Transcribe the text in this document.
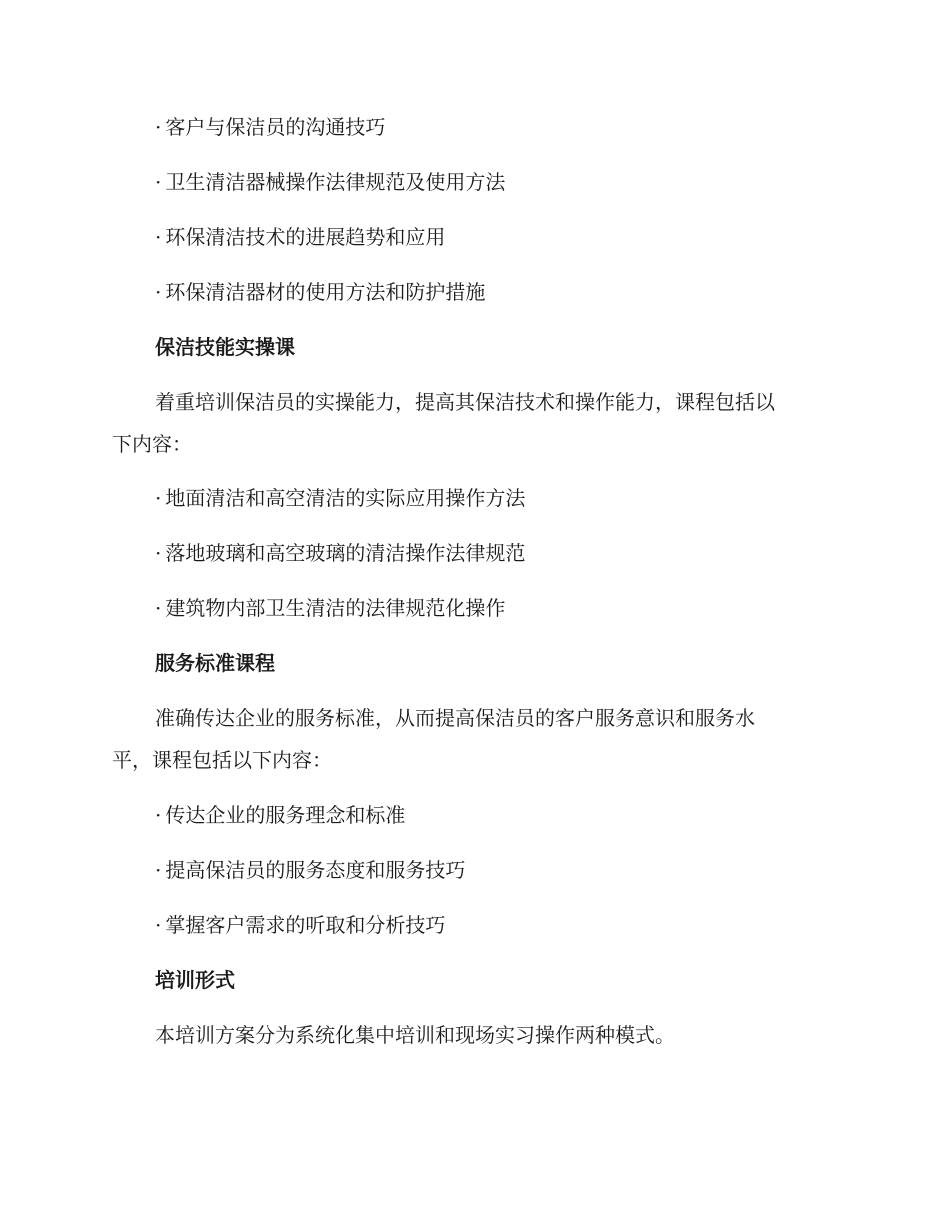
· 客户与保洁员的沟通技巧
· 卫生清洁器械操作法律规范及使用方法
· 环保清洁技术的进展趋势和应用
· 环保清洁器材的使用方法和防护措施
保洁技能实操课
着重培训保洁员的实操能力，提高其保洁技术和操作能力，课程包括以
下内容：
· 地面清洁和高空清洁的实际应用操作方法
· 落地玻璃和高空玻璃的清洁操作法律规范
· 建筑物内部卫生清洁的法律规范化操作
服务标准课程
准确传达企业的服务标准，从而提高保洁员的客户服务意识和服务水
平，课程包括以下内容：
· 传达企业的服务理念和标准
· 提高保洁员的服务态度和服务技巧
· 掌握客户需求的听取和分析技巧
培训形式
本培训方案分为系统化集中培训和现场实习操作两种模式。
